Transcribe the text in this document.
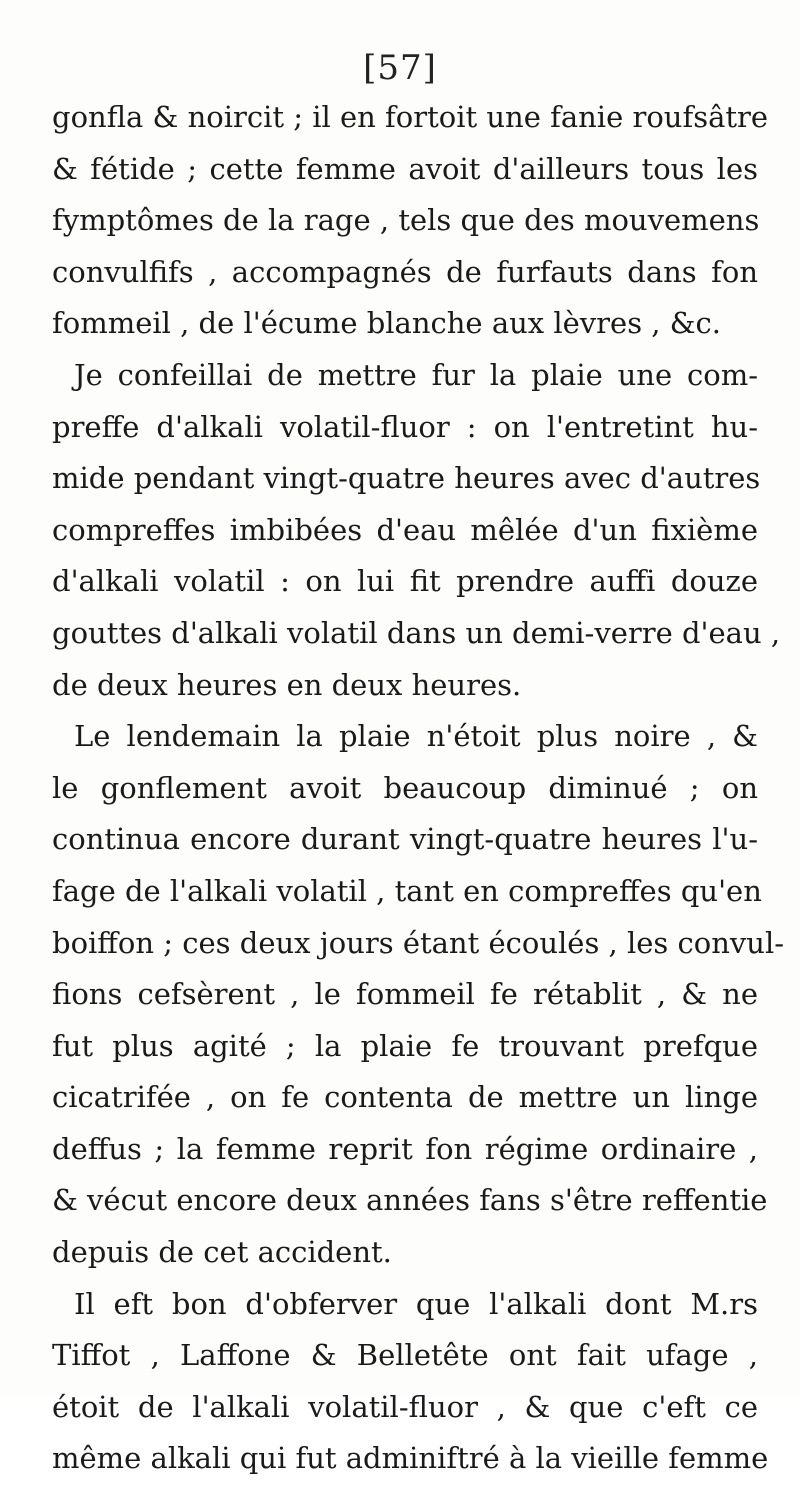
[57]
gonfla & noircit ; il en fortoit une fanie roufsâtre
& fétide ; cette femme avoit d'ailleurs tous les
fymptômes de la rage , tels que des mouvemens
convulfifs , accompagnés de furfauts dans fon
fommeil , de l'écume blanche aux lèvres , &c.
Je confeillai de mettre fur la plaie une com-
preffe d'alkali volatil-fluor : on l'entretint hu-
mide pendant vingt-quatre heures avec d'autres
compreffes imbibées d'eau mêlée d'un fixième
d'alkali volatil : on lui fit prendre auffi douze
gouttes d'alkali volatil dans un demi-verre d'eau ,
de deux heures en deux heures.
Le lendemain la plaie n'étoit plus noire , &
le gonflement avoit beaucoup diminué ; on
continua encore durant vingt-quatre heures l'u-
fage de l'alkali volatil , tant en compreffes qu'en
boiffon ; ces deux jours étant écoulés , les convul-
fions cefsèrent , le fommeil fe rétablit , & ne
fut plus agité ; la plaie fe trouvant prefque
cicatrifée , on fe contenta de mettre un linge
deffus ; la femme reprit fon régime ordinaire ,
& vécut encore deux années fans s'être reffentie
depuis de cet accident.
Il eft bon d'obferver que l'alkali dont M.rs
Tiffot , Laffone & Belletête ont fait ufage ,
étoit de l'alkali volatil-fluor , & que c'eft ce
même alkali qui fut adminiftré à la vieille femme
